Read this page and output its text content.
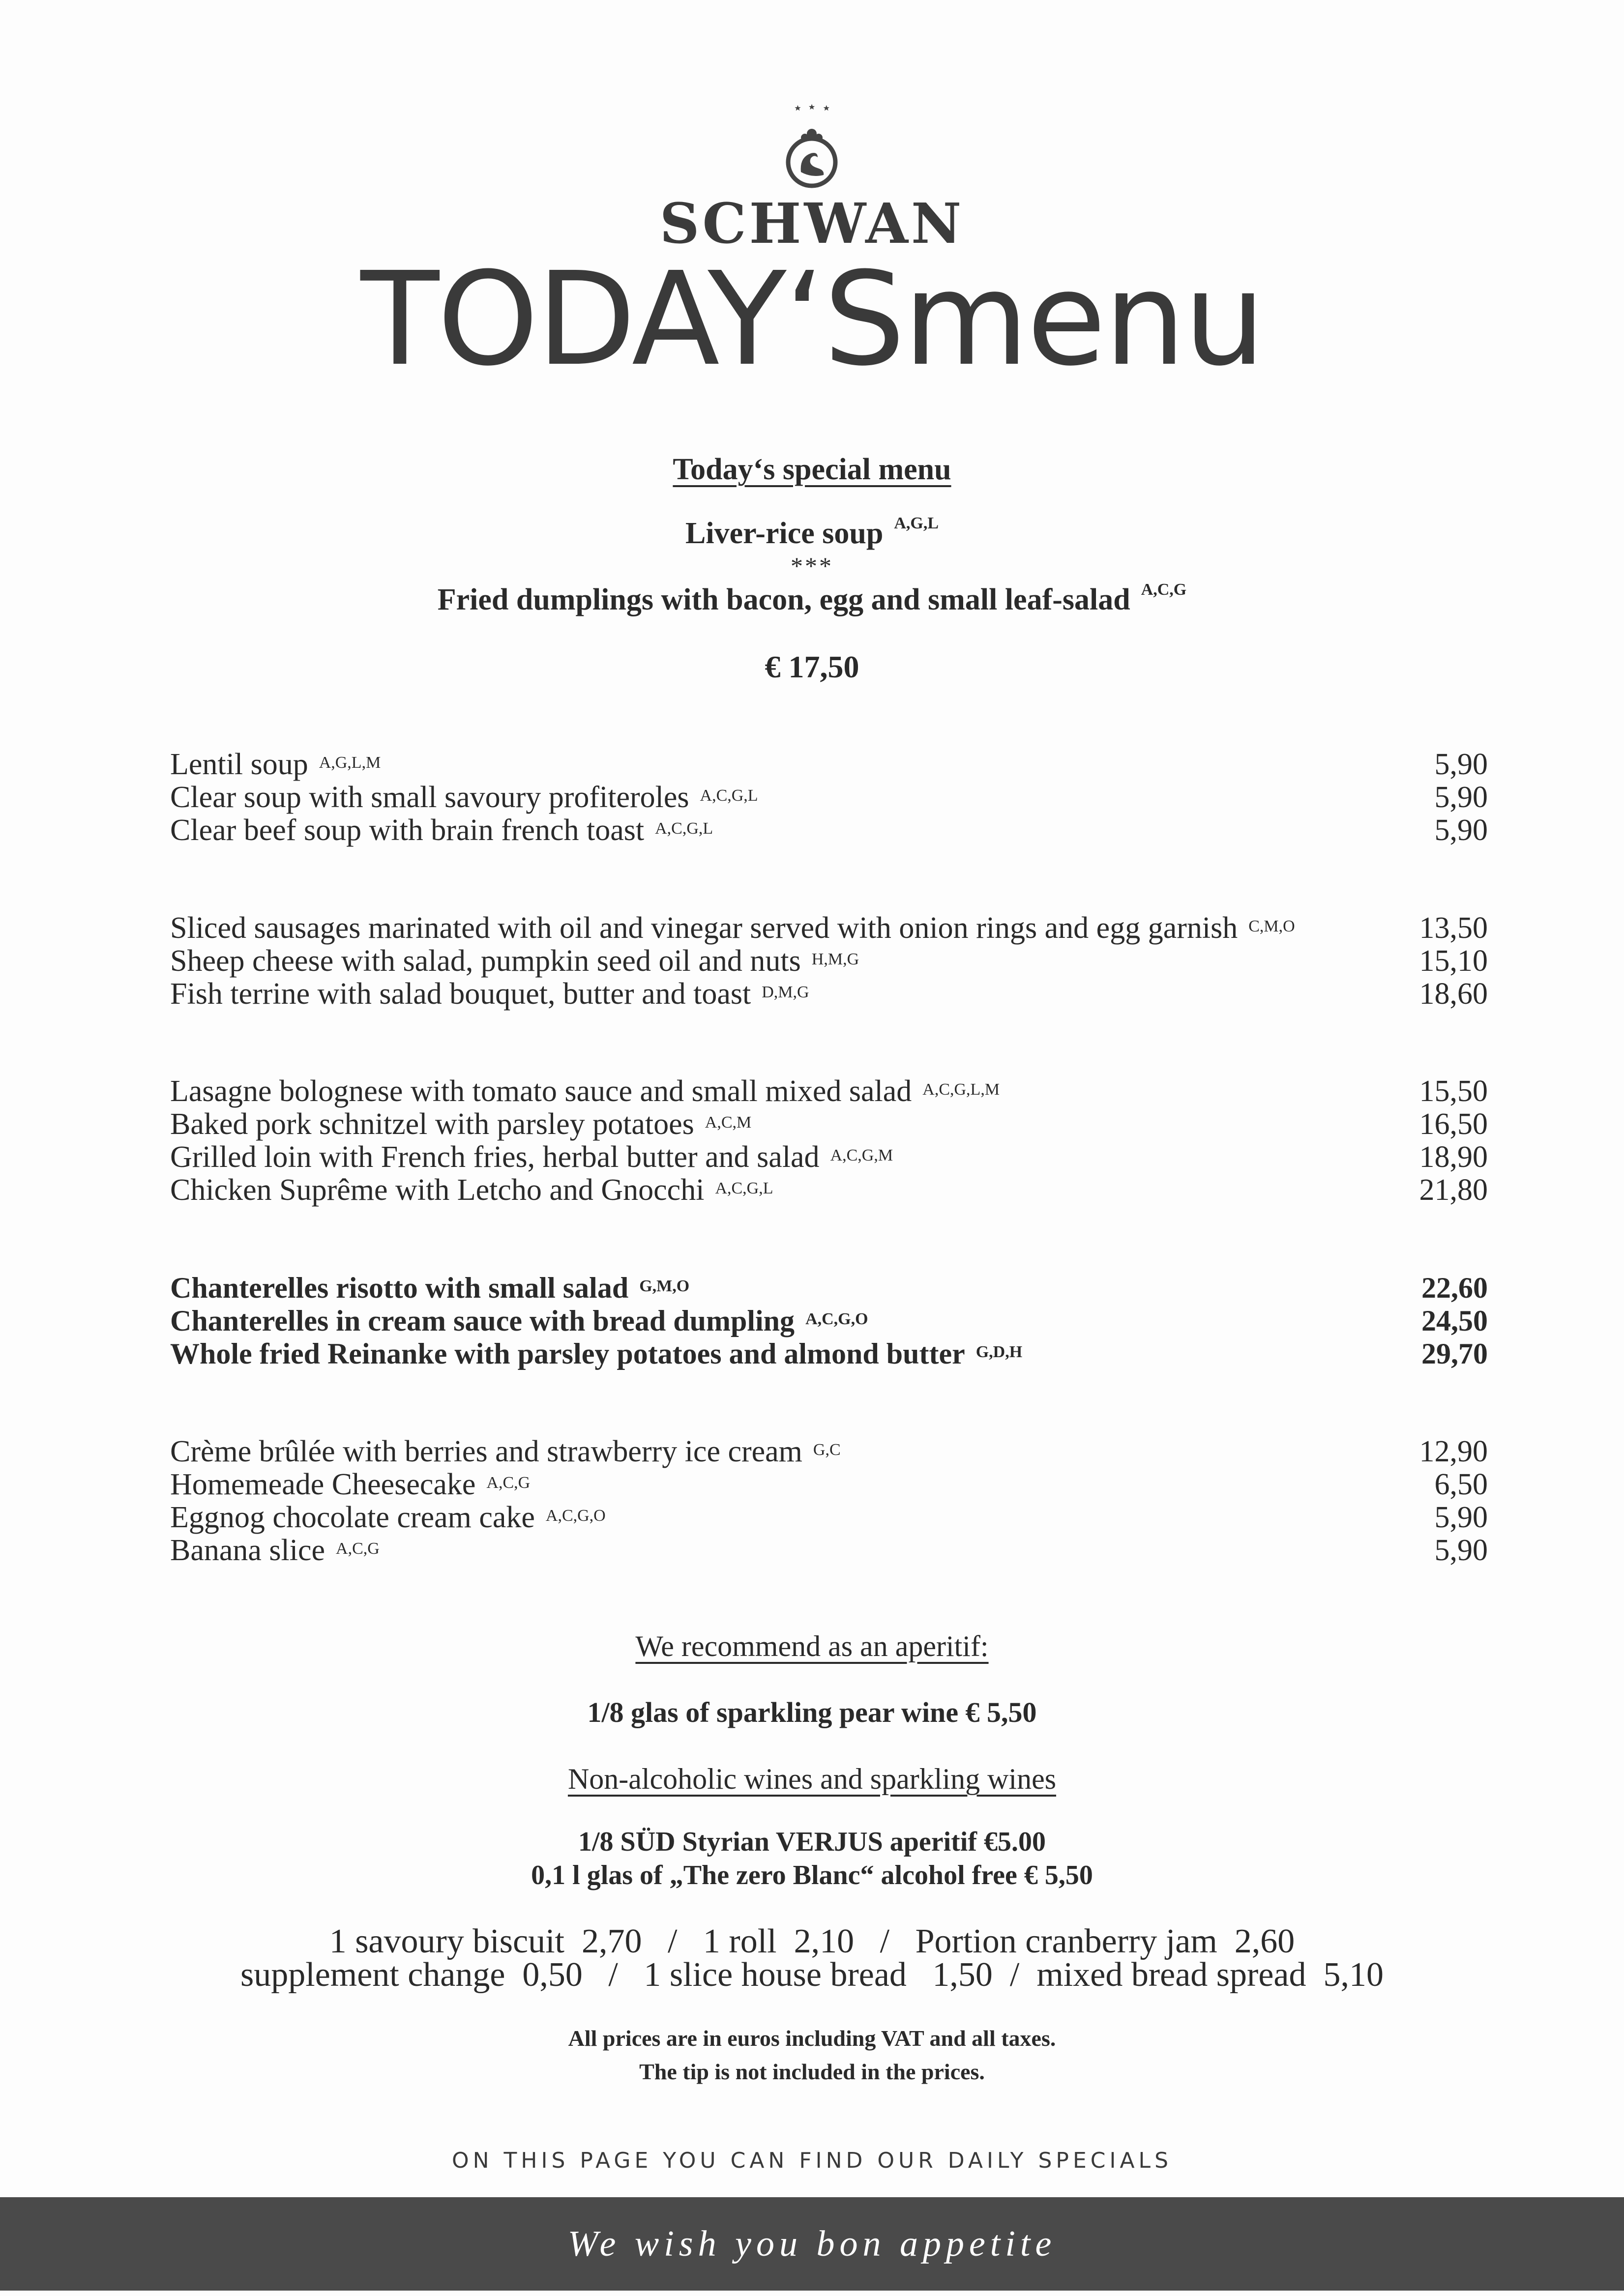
SCHWAN
TODAY‘Smenu
Today‘s special menu
Liver-rice soup $^{A,G,L}$
***
Fried dumplings with bacon, egg and small leaf-salad $^{A,C,G}$
€ 17,50
Lentil soup $^{A,G,L,M}$	5,90
Clear soup with small savoury profiteroles $^{A,C,G,L}$	5,90
Clear beef soup with brain french toast $^{A,C,G,L}$	5,90
Sliced sausages marinated with oil and vinegar served with onion rings and egg garnish $^{C,M,O}$	13,50
Sheep cheese with salad, pumpkin seed oil and nuts $^{H,M,G}$	15,10
Fish terrine with salad bouquet, butter and toast $^{D,M,G}$	18,60
Lasagne bolognese with tomato sauce and small mixed salad $^{A,C,G,L,M}$	15,50
Baked pork schnitzel with parsley potatoes $^{A,C,M}$	16,50
Grilled loin with French fries, herbal butter and salad $^{A,C,G,M}$	18,90
Chicken Suprême with Letcho and Gnocchi $^{A,C,G,L}$	21,80
Chanterelles risotto with small salad $^{G,M,O}$	22,60
Chanterelles in cream sauce with bread dumpling $^{A,C,G,O}$	24,50
Whole fried Reinanke with parsley potatoes and almond butter $^{G,D,H}$	29,70
Crème brûlée with berries and strawberry ice cream $^{G,C}$	12,90
Homemeade Cheesecake $^{A,C,G}$	6,50
Eggnog chocolate cream cake $^{A,C,G,O}$	5,90
Banana slice $^{A,C,G}$	5,90
We recommend as an aperitif:
1/8 glas of sparkling pear wine € 5,50
Non-alcoholic wines and sparkling wines
1/8 SÜD Styrian VERJUS aperitif €5.00
0,1 l glas of „The zero Blanc“ alcohol free € 5,50
1 savoury biscuit  2,70   /   1 roll  2,10   /   Portion cranberry jam  2,60
supplement change  0,50   /   1 slice house bread   1,50  /  mixed bread spread  5,10
All prices are in euros including VAT and all taxes.
The tip is not included in the prices.
ON THIS PAGE YOU CAN FIND OUR DAILY SPECIALS
We wish you bon appetite
